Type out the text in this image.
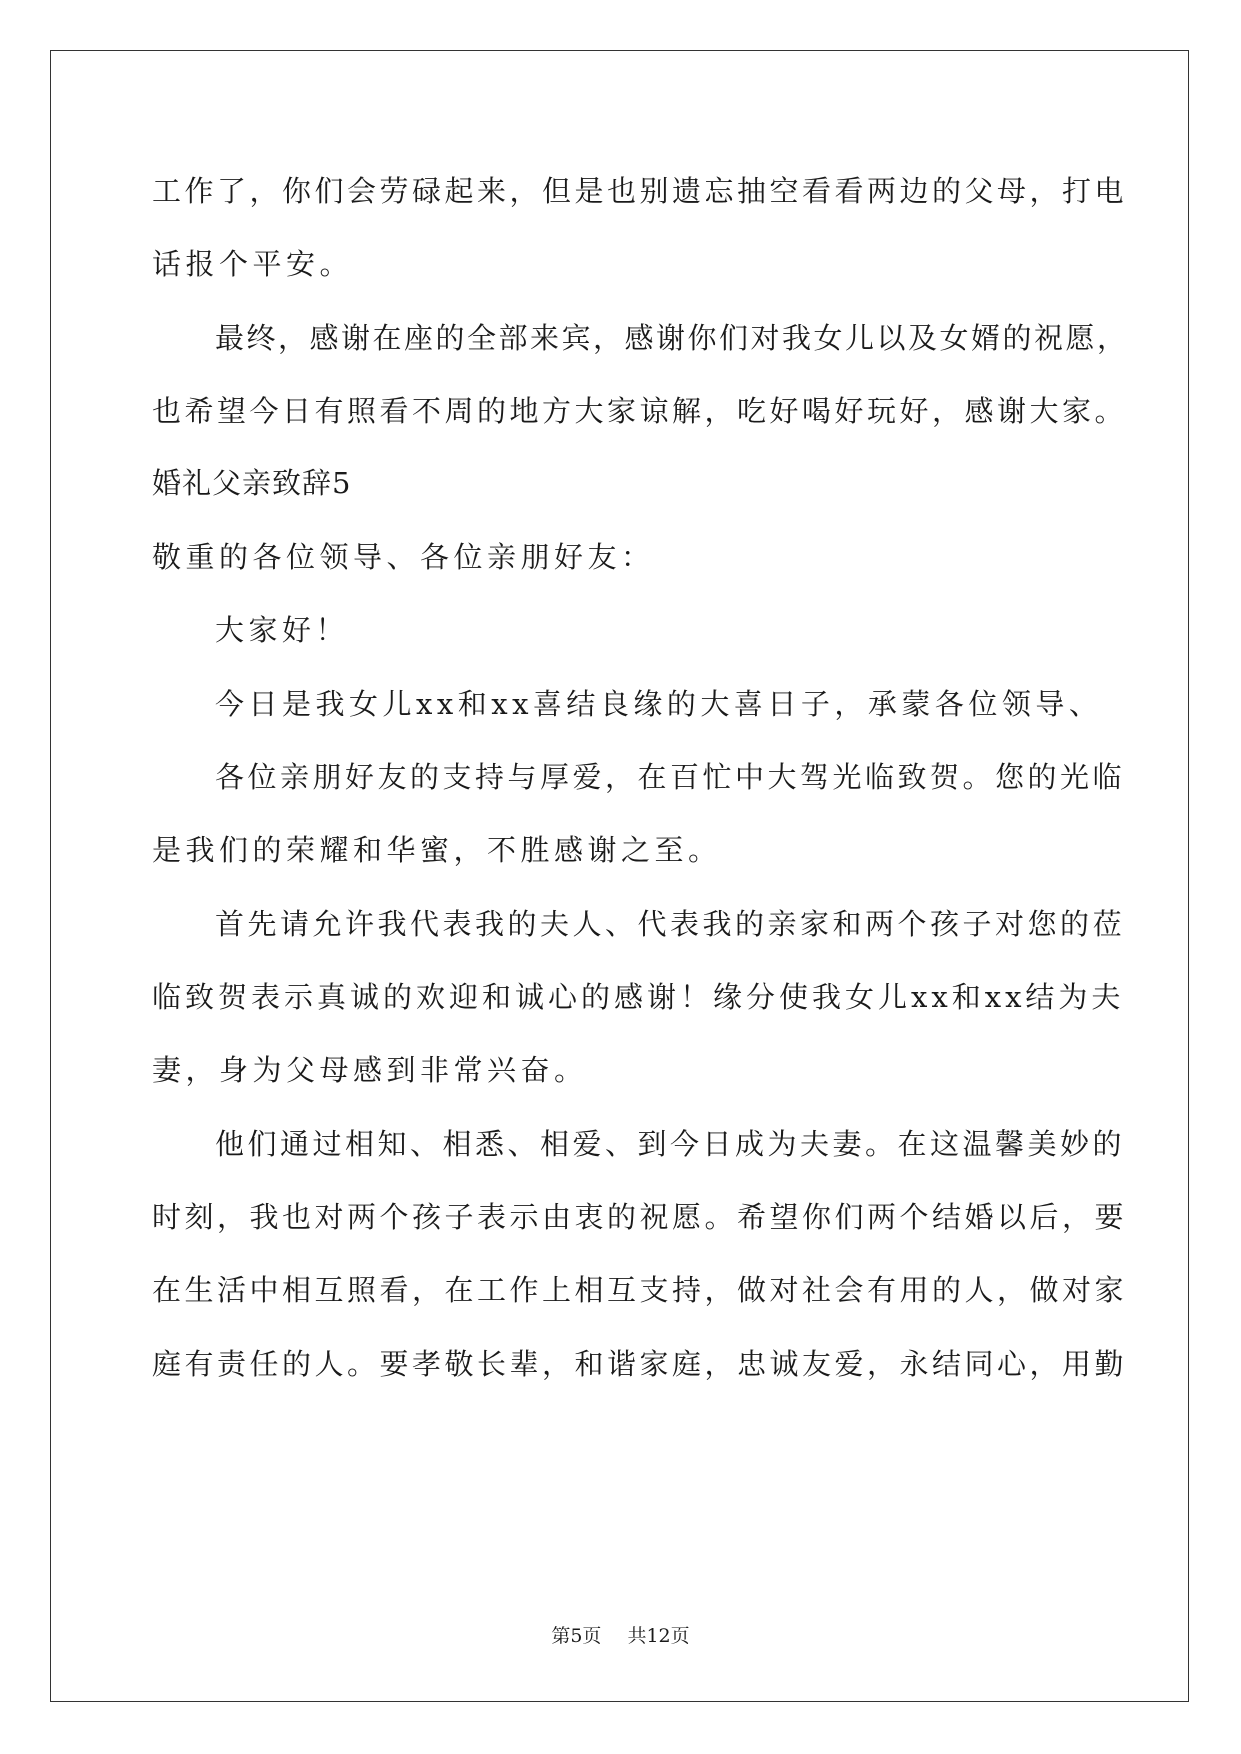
工作了，你们会劳碌起来，但是也别遗忘抽空看看两边的父母，打电
话报个平安。
最终，感谢在座的全部来宾，感谢你们对我女儿以及女婿的祝愿，
也希望今日有照看不周的地方大家谅解，吃好喝好玩好，感谢大家。
婚礼父亲致辞5
敬重的各位领导、各位亲朋好友：
大家好！
今日是我女儿xx和xx喜结良缘的大喜日子，承蒙各位领导、
各位亲朋好友的支持与厚爱，在百忙中大驾光临致贺。您的光临
是我们的荣耀和华蜜，不胜感谢之至。
首先请允许我代表我的夫人、代表我的亲家和两个孩子对您的莅
临致贺表示真诚的欢迎和诚心的感谢！缘分使我女儿xx和xx结为夫
妻，身为父母感到非常兴奋。
他们通过相知、相悉、相爱、到今日成为夫妻。在这温馨美妙的
时刻，我也对两个孩子表示由衷的祝愿。希望你们两个结婚以后，要
在生活中相互照看，在工作上相互支持，做对社会有用的人，做对家
庭有责任的人。要孝敬长辈，和谐家庭，忠诚友爱，永结同心，用勤
第5页 共12页
